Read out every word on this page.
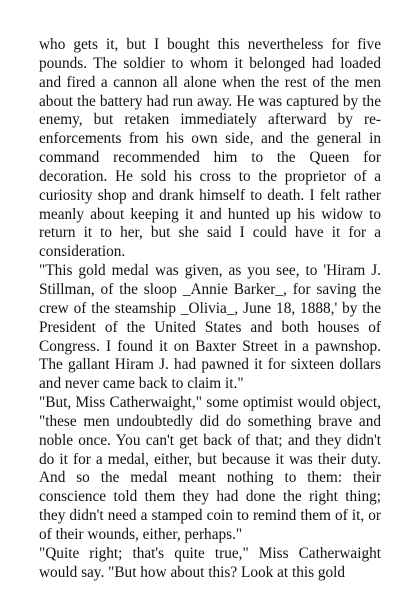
who gets it, but I bought this nevertheless for five pounds. The soldier to whom it belonged had loaded and fired a cannon all alone when the rest of the men about the battery had run away. He was captured by the enemy, but retaken immediately afterward by re-enforcements from his own side, and the general in command recommended him to the Queen for decoration. He sold his cross to the proprietor of a curiosity shop and drank himself to death. I felt rather meanly about keeping it and hunted up his widow to return it to her, but she said I could have it for a consideration.

"This gold medal was given, as you see, to 'Hiram J. Stillman, of the sloop _Annie Barker_, for saving the crew of the steamship _Olivia_, June 18, 1888,' by the President of the United States and both houses of Congress. I found it on Baxter Street in a pawnshop. The gallant Hiram J. had pawned it for sixteen dollars and never came back to claim it."

"But, Miss Catherwaight," some optimist would object, "these men undoubtedly did do something brave and noble once. You can't get back of that; and they didn't do it for a medal, either, but because it was their duty. And so the medal meant nothing to them: their conscience told them they had done the right thing; they didn't need a stamped coin to remind them of it, or of their wounds, either, perhaps."

"Quite right; that's quite true," Miss Catherwaight would say. "But how about this? Look at this gold
